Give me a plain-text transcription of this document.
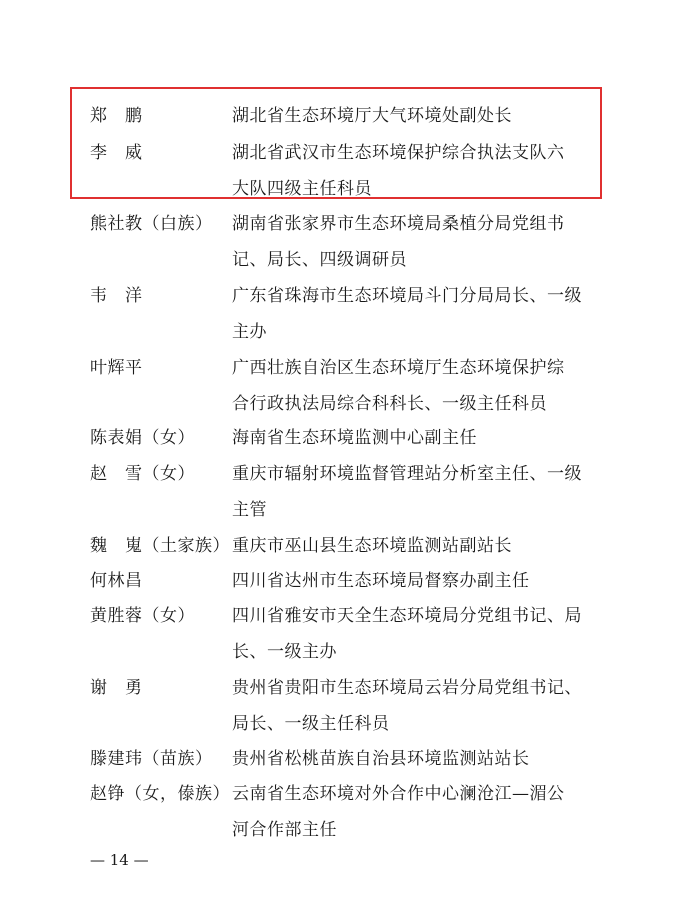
郑　鹏	湖北省生态环境厅大气环境处副处长
李　威	湖北省武汉市生态环境保护综合执法支队六
大队四级主任科员
熊社教（白族） 湖南省张家界市生态环境局桑植分局党组书
记、局长、四级调研员
韦　洋	广东省珠海市生态环境局斗门分局局长、一级
主办
叶辉平	广西壮族自治区生态环境厅生态环境保护综
合行政执法局综合科科长、一级主任科员
陈表娟（女） 海南省生态环境监测中心副主任
赵　雪（女） 重庆市辐射环境监督管理站分析室主任、一级
主管
魏　嵬（土家族） 重庆市巫山县生态环境监测站副站长
何林昌	四川省达州市生态环境局督察办副主任
黄胜蓉（女） 四川省雅安市天全生态环境局分党组书记、局
长、一级主办
谢　勇	贵州省贵阳市生态环境局云岩分局党组书记、
局长、一级主任科员
滕建玮（苗族） 贵州省松桃苗族自治县环境监测站站长
赵铮（女，傣族） 云南省生态环境对外合作中心澜沧江—湄公
河合作部主任
— 14 —
